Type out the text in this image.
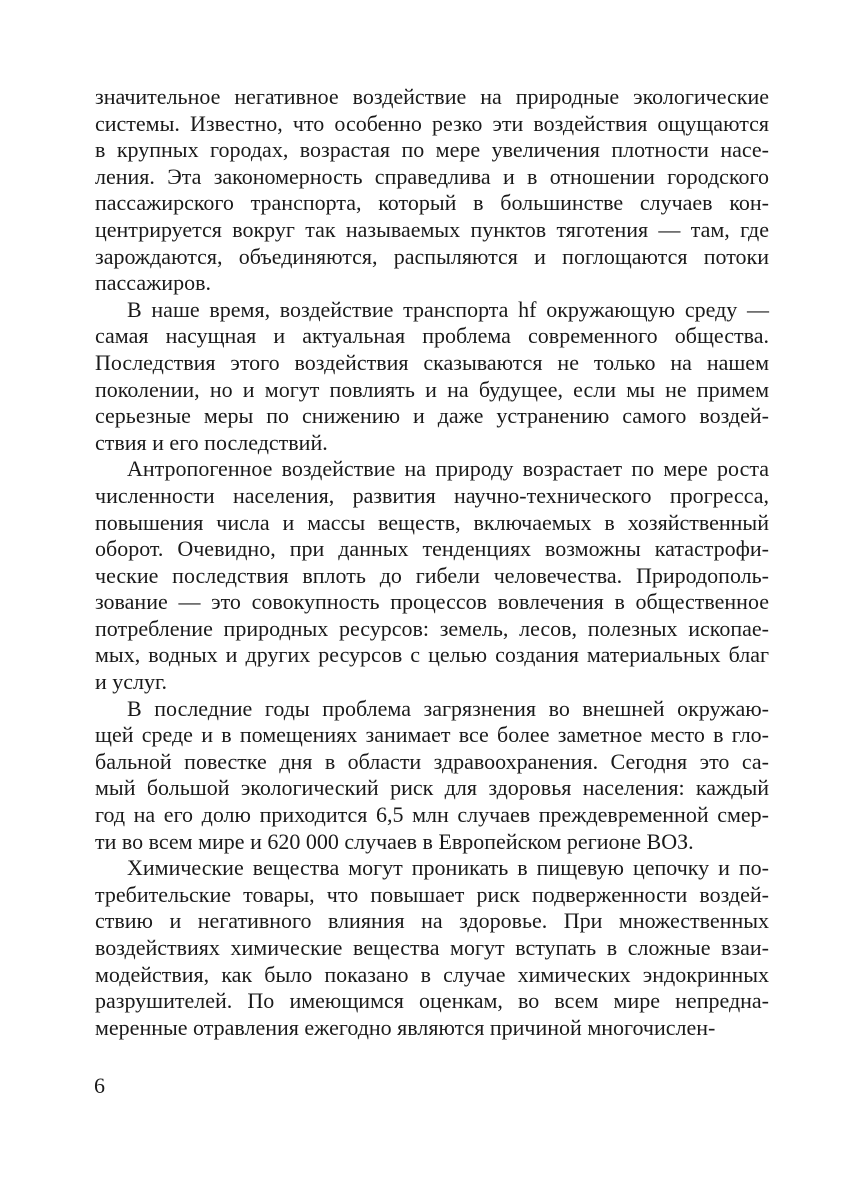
значительное негативное воздействие на природные экологические
системы. Известно, что особенно резко эти воздействия ощущаются
в крупных городах, возрастая по мере увеличения плотности насе-
ления. Эта закономерность справедлива и в отношении городского
пассажирского транспорта, который в большинстве случаев кон-
центрируется вокруг так называемых пунктов тяготения — там, где
зарождаются, объединяются, распыляются и поглощаются потоки
пассажиров.
В наше время, воздействие транспорта hf окружающую среду —
самая насущная и актуальная проблема современного общества.
Последствия этого воздействия сказываются не только на нашем
поколении, но и могут повлиять и на будущее, если мы не примем
серьезные меры по снижению и даже устранению самого воздей-
ствия и его последствий.
Антропогенное воздействие на природу возрастает по мере роста
численности населения, развития научно-технического прогресса,
повышения числа и массы веществ, включаемых в хозяйственный
оборот. Очевидно, при данных тенденциях возможны катастрофи-
ческие последствия вплоть до гибели человечества. Природополь-
зование — это совокупность процессов вовлечения в общественное
потребление природных ресурсов: земель, лесов, полезных ископае-
мых, водных и других ресурсов с целью создания материальных благ
и услуг.
В последние годы проблема загрязнения во внешней окружаю-
щей среде и в помещениях занимает все более заметное место в гло-
бальной повестке дня в области здравоохранения. Сегодня это са-
мый большой экологический риск для здоровья населения: каждый
год на его долю приходится 6,5 млн случаев преждевременной смер-
ти во всем мире и 620 000 случаев в Европейском регионе ВОЗ.
Химические вещества могут проникать в пищевую цепочку и по-
требительские товары, что повышает риск подверженности воздей-
ствию и негативного влияния на здоровье. При множественных
воздействиях химические вещества могут вступать в сложные взаи-
модействия, как было показано в случае химических эндокринных
разрушителей. По имеющимся оценкам, во всем мире непредна-
меренные отравления ежегодно являются причиной многочислен-
6
